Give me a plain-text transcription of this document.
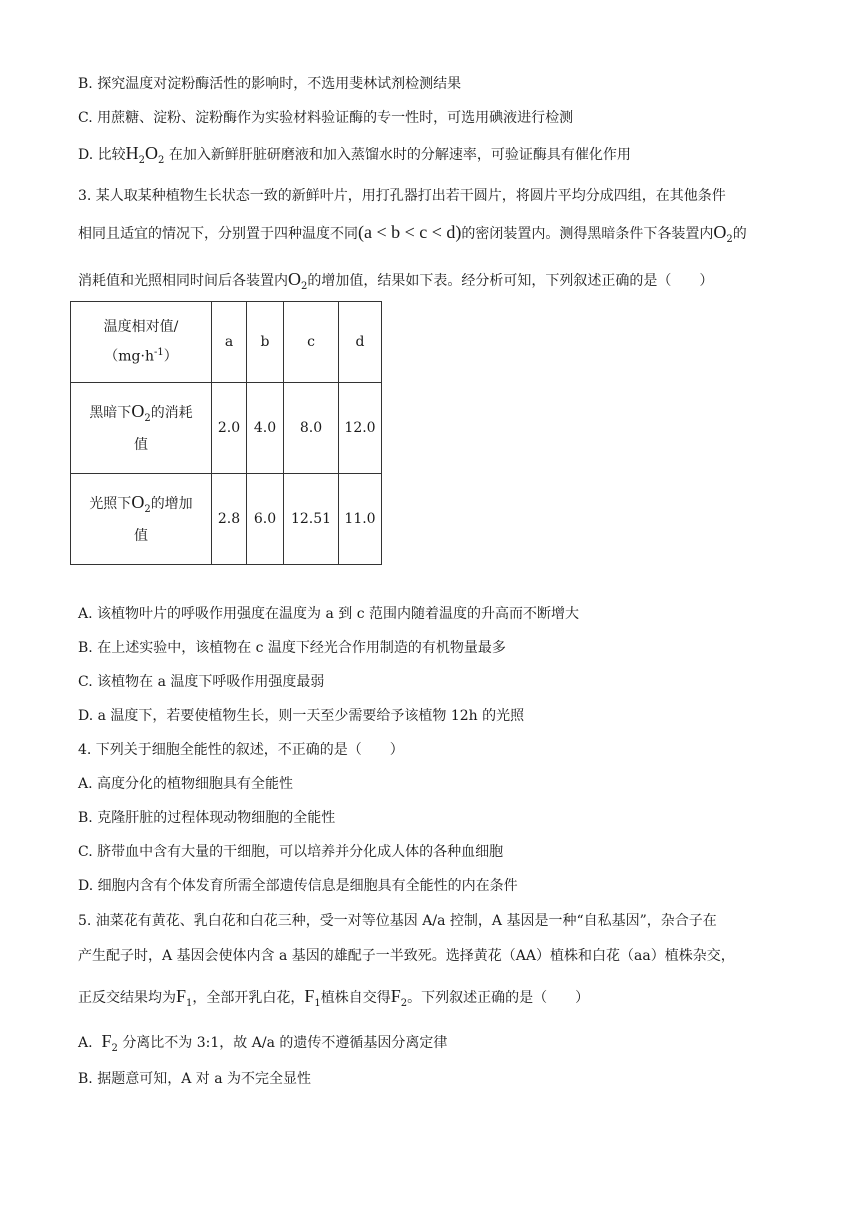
B. 探究温度对淀粉酶活性的影响时，不选用斐林试剂检测结果
C. 用蔗糖、淀粉、淀粉酶作为实验材料验证酶的专一性时，可选用碘液进行检测
D. 比较$H_2O_2$ 在加入新鲜肝脏研磨液和加入蒸馏水时的分解速率，可验证酶具有催化作用
3. 某人取某种植物生长状态一致的新鲜叶片，用打孔器打出若干圆片，将圆片平均分成四组，在其他条件
相同且适宜的情况下，分别置于四种温度不同(a < b < c < d)的密闭装置内。测得黑暗条件下各装置内$O_2$的
消耗值和光照相同时间后各装置内$O_2$的增加值，结果如下表。经分析可知，下列叙述正确的是（　　）
温度相对值/
$(mg\cdot h^{-1})$	a	b	c	d

黑暗下$O_2$的消耗
值	2.0	4.0	8.0	12.0

光照下$O_2$的增加
值	2.8	6.0	12.51	11.0
A. 该植物叶片的呼吸作用强度在温度为 a 到 c 范围内随着温度的升高而不断增大
B. 在上述实验中，该植物在 c 温度下经光合作用制造的有机物量最多
C. 该植物在 a 温度下呼吸作用强度最弱
D. a 温度下，若要使植物生长，则一天至少需要给予该植物 12h 的光照
4. 下列关于细胞全能性的叙述，不正确的是（　　）
A. 高度分化的植物细胞具有全能性
B. 克隆肝脏的过程体现动物细胞的全能性
C. 脐带血中含有大量的干细胞，可以培养并分化成人体的各种血细胞
D. 细胞内含有个体发育所需全部遗传信息是细胞具有全能性的内在条件
5. 油菜花有黄花、乳白花和白花三种，受一对等位基因 A/a 控制，A 基因是一种“自私基因”，杂合子在
产生配子时，A 基因会使体内含 a 基因的雄配子一半致死。选择黄花（AA）植株和白花（aa）植株杂交，
正反交结果均为$F_1$，全部开乳白花，$F_1$植株自交得$F_2$。下列叙述正确的是（　　）
A. $F_2$ 分离比不为 3:1，故 A/a 的遗传不遵循基因分离定律
B. 据题意可知，A 对 a 为不完全显性
